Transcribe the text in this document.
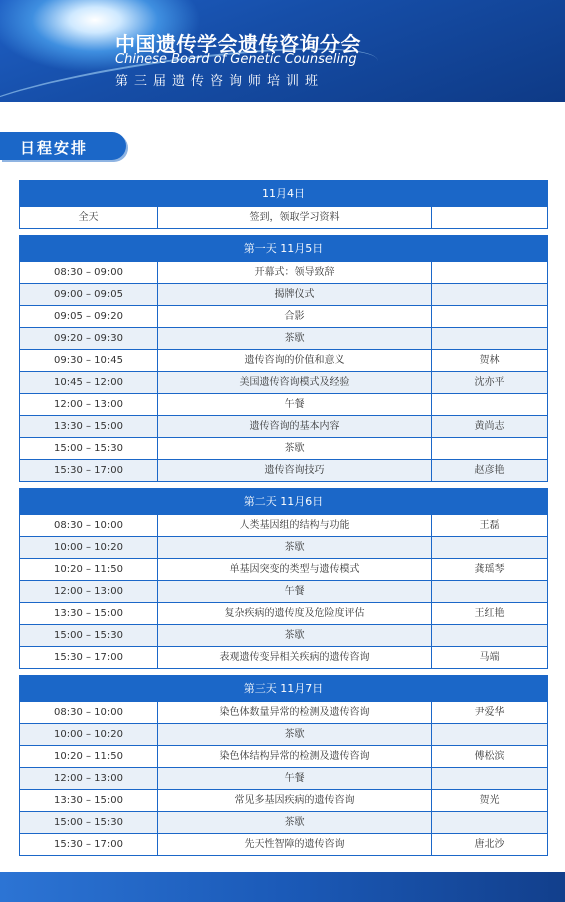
中国遗传学会遗传咨询分会
Chinese Board of Genetic Counseling
第三届遗传咨询师培训班
日程安排
11月4日
全天	签到，领取学习资料
第一天 11月5日
08:30 – 09:00	开幕式：领导致辞
09:00 – 09:05	揭牌仪式
09:05 – 09:20	合影
09:20 – 09:30	茶歇
09:30 – 10:45	遗传咨询的价值和意义	贺林
10:45 – 12:00	美国遗传咨询模式及经验	沈亦平
12:00 – 13:00	午餐
13:30 – 15:00	遗传咨询的基本内容	黄尚志
15:00 – 15:30	茶歇
15:30 – 17:00	遗传咨询技巧	赵彦艳
第二天 11月6日
08:30 – 10:00	人类基因组的结构与功能	王磊
10:00 – 10:20	茶歇
10:20 – 11:50	单基因突变的类型与遗传模式	龚瑶琴
12:00 – 13:00	午餐
13:30 – 15:00	复杂疾病的遗传度及危险度评估	王红艳
15:00 – 15:30	茶歇
15:30 – 17:00	表观遗传变异相关疾病的遗传咨询	马端
第三天 11月7日
08:30 – 10:00	染色体数量异常的检测及遗传咨询	尹爱华
10:00 – 10:20	茶歇
10:20 – 11:50	染色体结构异常的检测及遗传咨询	傅松滨
12:00 – 13:00	午餐
13:30 – 15:00	常见多基因疾病的遗传咨询	贺光
15:00 – 15:30	茶歇
15:30 – 17:00	先天性智障的遗传咨询	唐北沙
